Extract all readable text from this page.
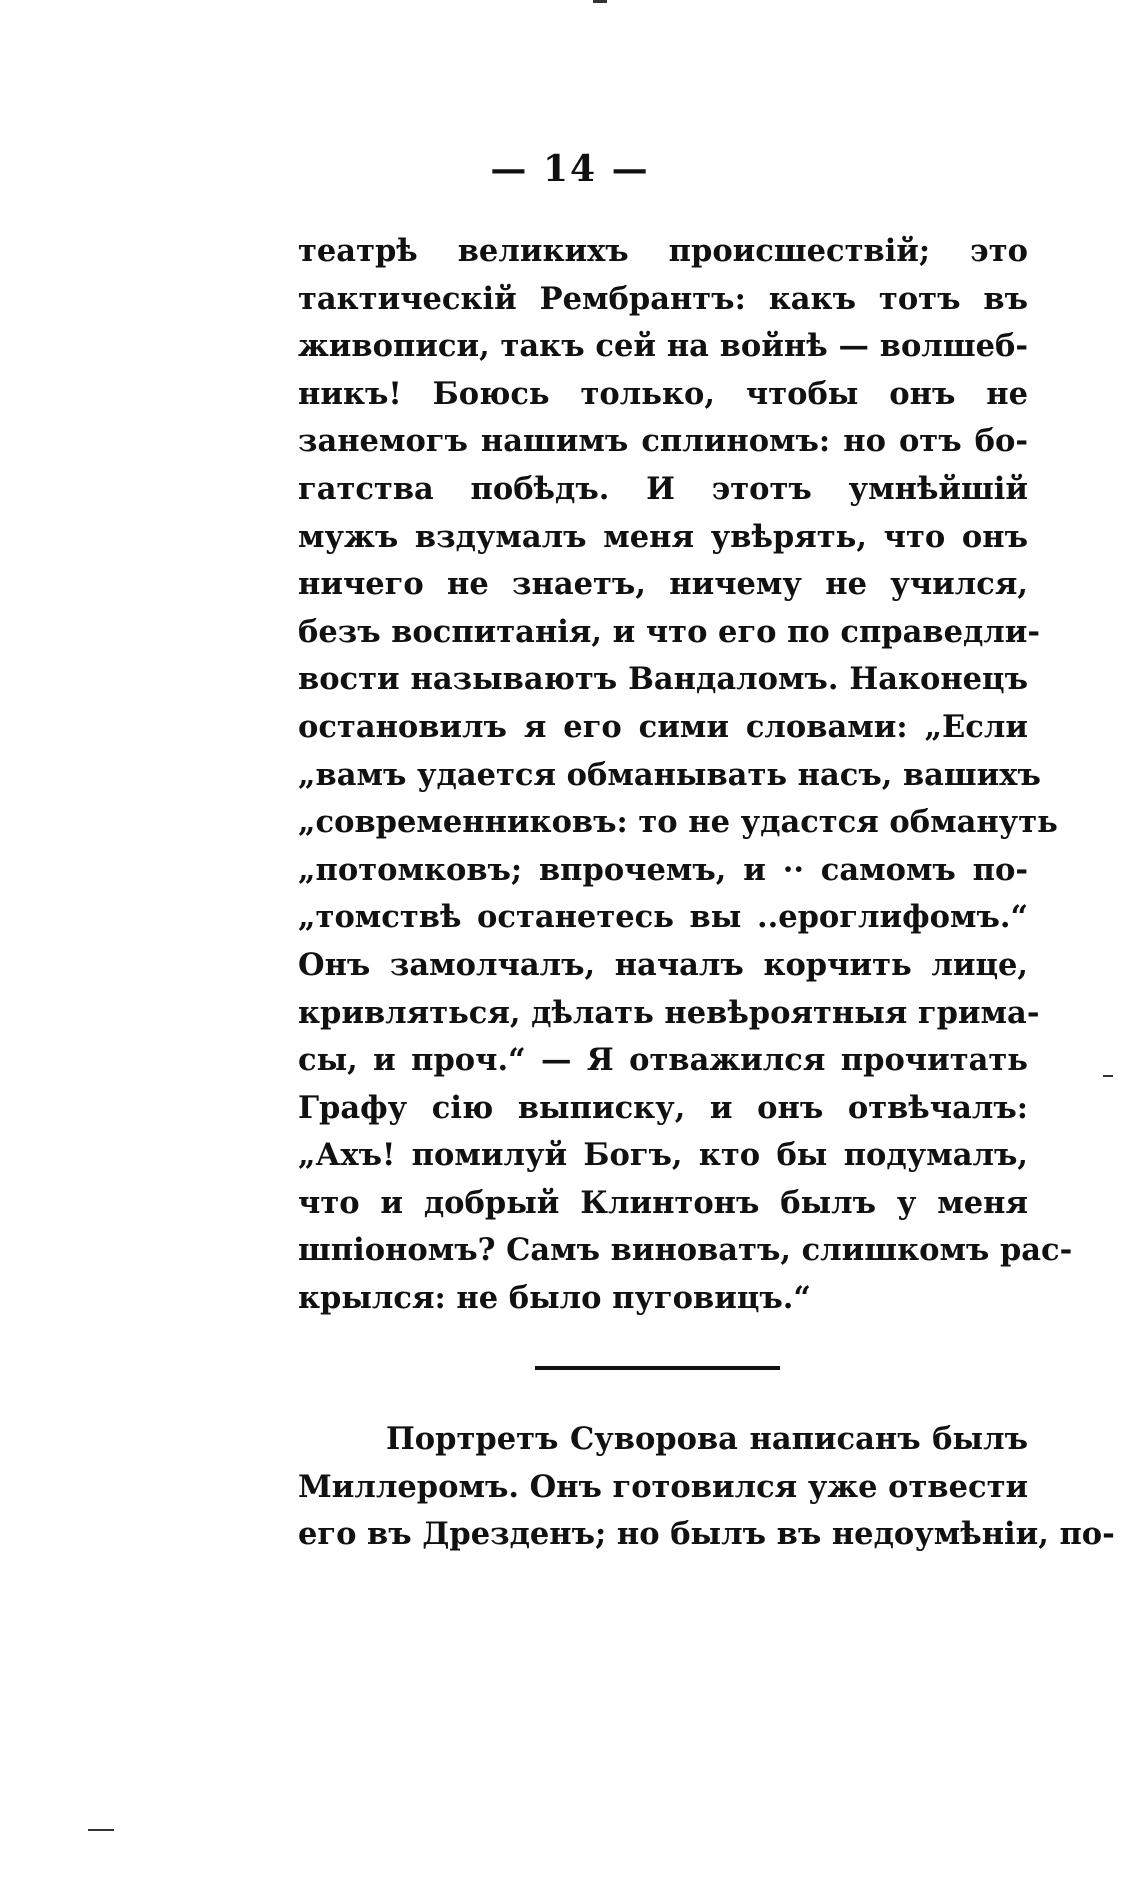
— 14 —
театрѣ великихъ происшествій; это
тактическій Рембрантъ: какъ тотъ въ
живописи, такъ сей на войнѣ — волшеб-
никъ! Боюсь только, чтобы онъ не
занемогъ нашимъ сплиномъ: но отъ бо-
гатства побѣдъ. И этотъ умнѣйшій
мужъ вздумалъ меня увѣрять, что онъ
ничего не знаетъ, ничему не учился,
безъ воспитанія, и что его по справедли-
вости называютъ Вандаломъ. Наконецъ
остановилъ я его сими словами: „Если
„вамъ удается обманывать насъ, вашихъ
„современниковъ: то не удастся обмануть
„потомковъ; впрочемъ, и ·· самомъ по-
„томствѣ останетесь вы ..ероглифомъ.“
Онъ замолчалъ, началъ корчить лице,
кривляться, дѣлать невѣроятныя грима-
сы, и проч.“ — Я отважился прочитать
Графу сію выписку, и онъ отвѣчалъ:
„Ахъ! помилуй Богъ, кто бы подумалъ,
что и добрый Клинтонъ былъ у меня
шпіономъ? Самъ виноватъ, слишкомъ рас-
крылся: не было пуговицъ.“
Портретъ Суворова написанъ былъ
Миллеромъ. Онъ готовился уже отвести
его въ Дрезденъ; но былъ въ недоумѣніи, по-
